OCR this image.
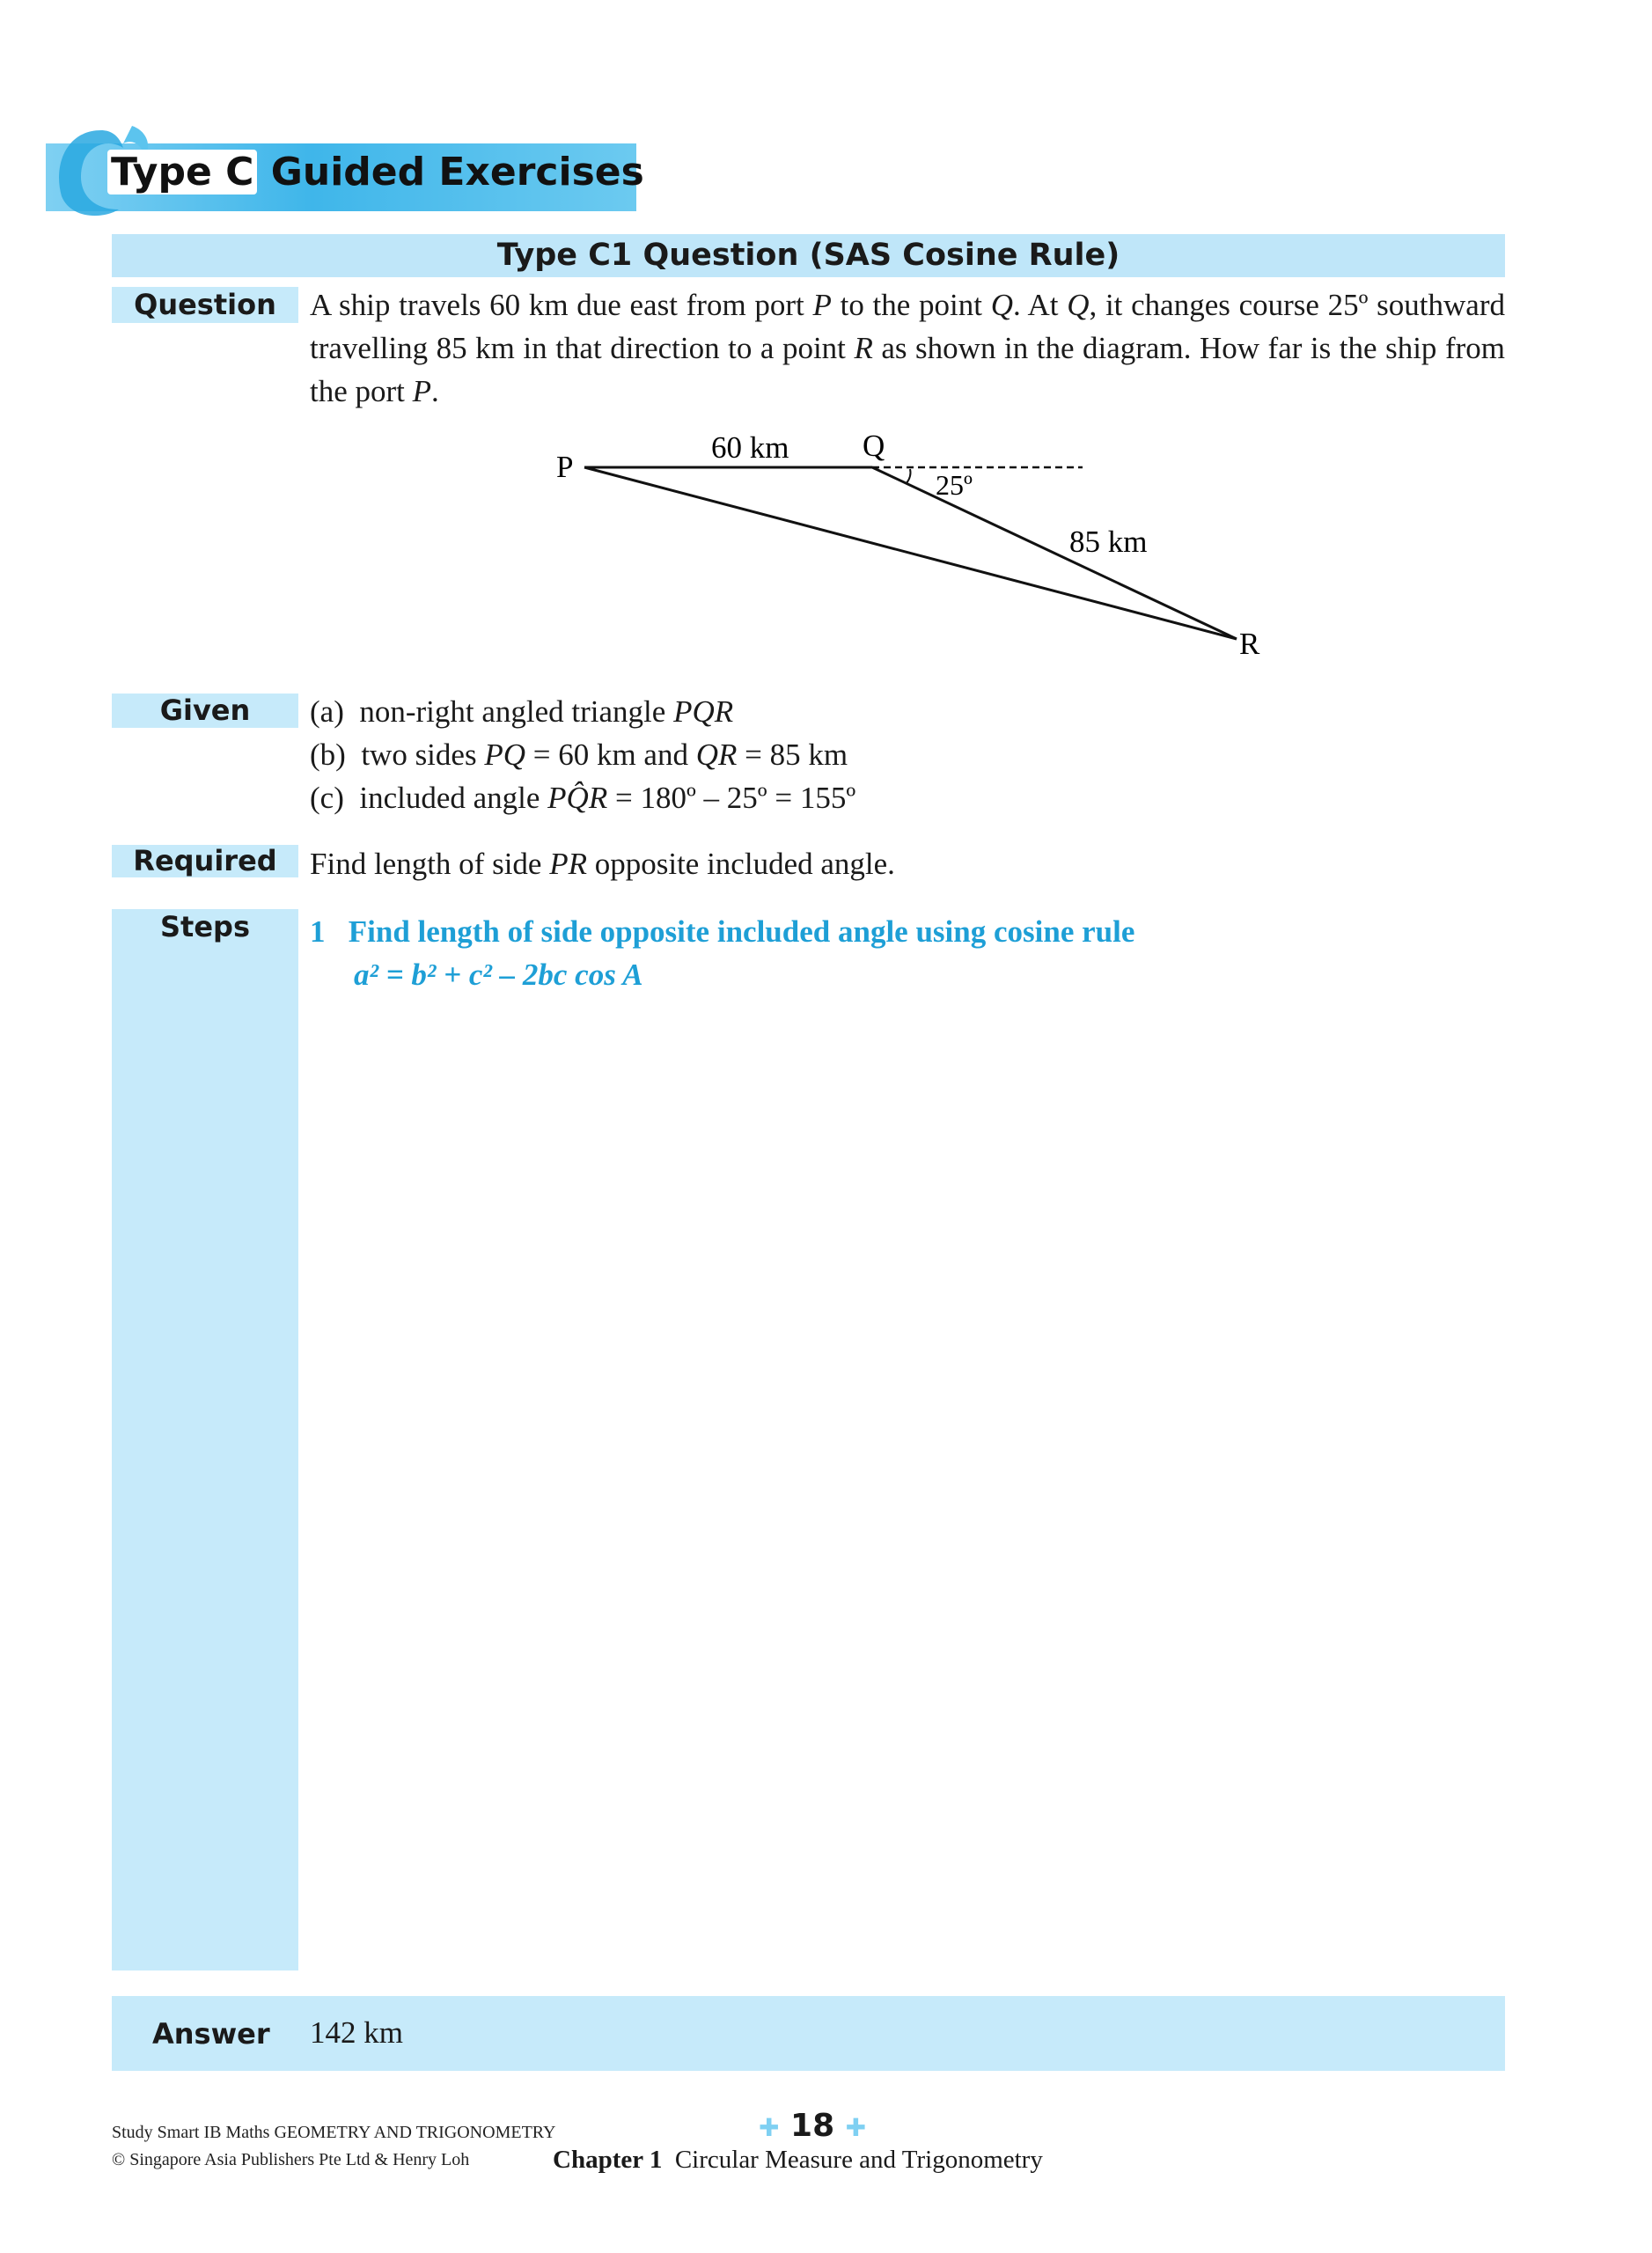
Type C Guided Exercises
Type C1 Question (SAS Cosine Rule)
Question	A ship travels 60 km due east from port P to the point Q. At Q, it changes course 25º southward travelling 85 km in that direction to a point R as shown in the diagram. How far is the ship from the port P.
P
Q
R
60 km
85 km
25º
Given	(a) non-right angled triangle PQR
(b) two sides PQ = 60 km and QR = 85 km
(c) included angle PQ̂R = 180º – 25º = 155º
Required	Find length of side PR opposite included angle.
Steps	1 Find length of side opposite included angle using cosine rule
a² = b² + c² – 2bc cos A
Answer 142 km
Study Smart IB Maths GEOMETRY AND TRIGONOMETRY
© Singapore Asia Publishers Pte Ltd & Henry Loh
✚ 18 ✚
Chapter 1 Circular Measure and Trigonometry
